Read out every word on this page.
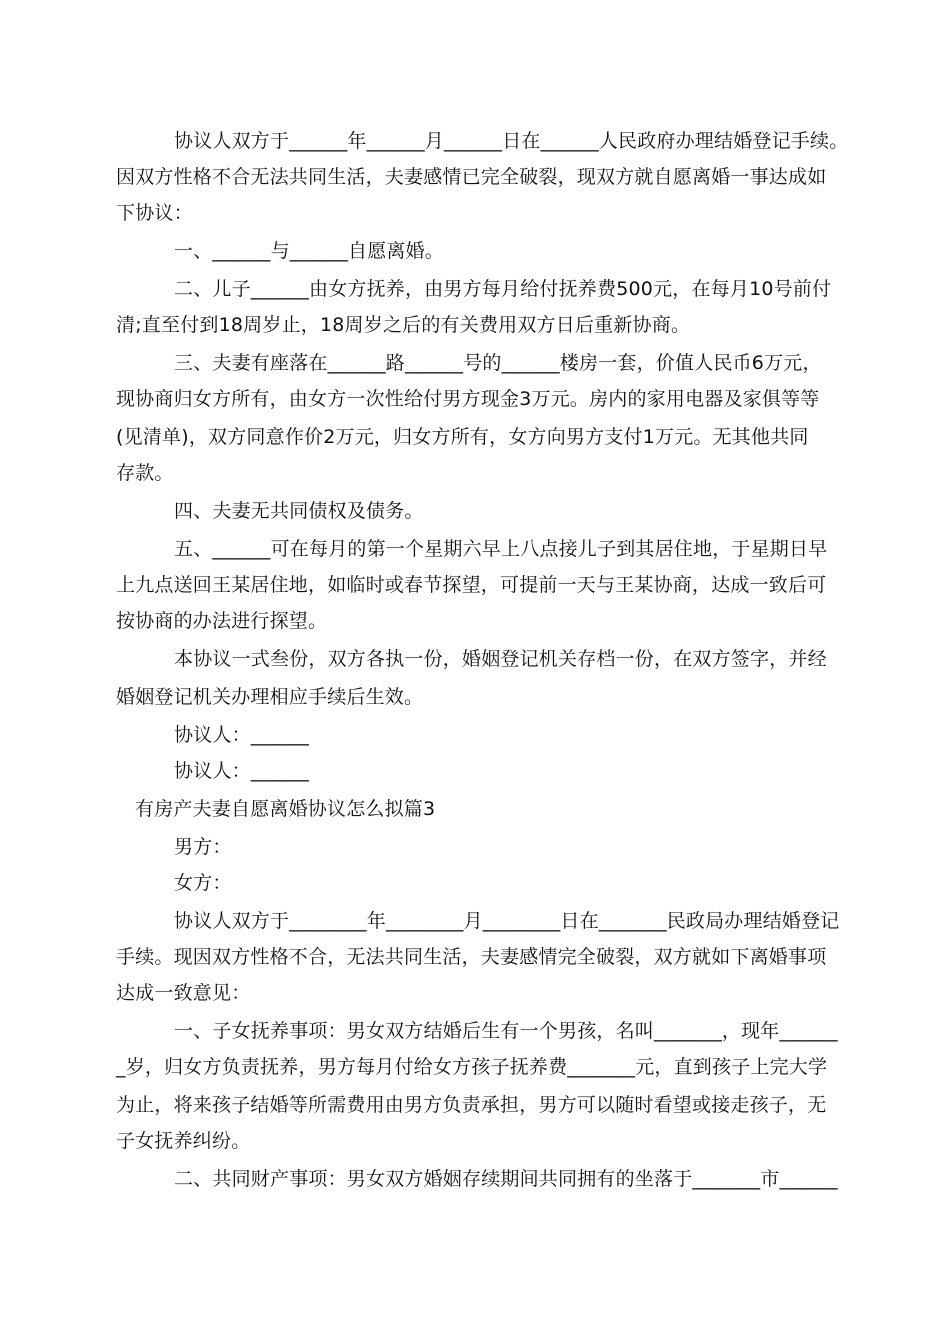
协议人双方于______年______月______日在______人民政府办理结婚登记手续。
因双方性格不合无法共同生活，夫妻感情已完全破裂，现双方就自愿离婚一事达成如
下协议：
一、______与______自愿离婚。
二、儿子______由女方抚养，由男方每月给付抚养费500元，在每月10号前付
清;直至付到18周岁止，18周岁之后的有关费用双方日后重新协商。
三、夫妻有座落在______路______号的______楼房一套，价值人民币6万元，
现协商归女方所有，由女方一次性给付男方现金3万元。房内的家用电器及家俱等等
(见清单)，双方同意作价2万元，归女方所有，女方向男方支付1万元。无其他共同
存款。
四、夫妻无共同债权及债务。
五、______可在每月的第一个星期六早上八点接儿子到其居住地，于星期日早
上九点送回王某居住地，如临时或春节探望，可提前一天与王某协商，达成一致后可
按协商的办法进行探望。
本协议一式叁份，双方各执一份，婚姻登记机关存档一份，在双方签字，并经
婚姻登记机关办理相应手续后生效。
协议人：______
协议人：______
有房产夫妻自愿离婚协议怎么拟篇3
男方：
女方：
协议人双方于________年________月________日在_______民政局办理结婚登记
手续。现因双方性格不合，无法共同生活，夫妻感情完全破裂，双方就如下离婚事项
达成一致意见：
一、子女抚养事项：男女双方结婚后生有一个男孩，名叫_______，现年______
_岁，归女方负责抚养，男方每月付给女方孩子抚养费_______元，直到孩子上完大学
为止，将来孩子结婚等所需费用由男方负责承担，男方可以随时看望或接走孩子，无
子女抚养纠纷。
二、共同财产事项：男女双方婚姻存续期间共同拥有的坐落于_______市______
